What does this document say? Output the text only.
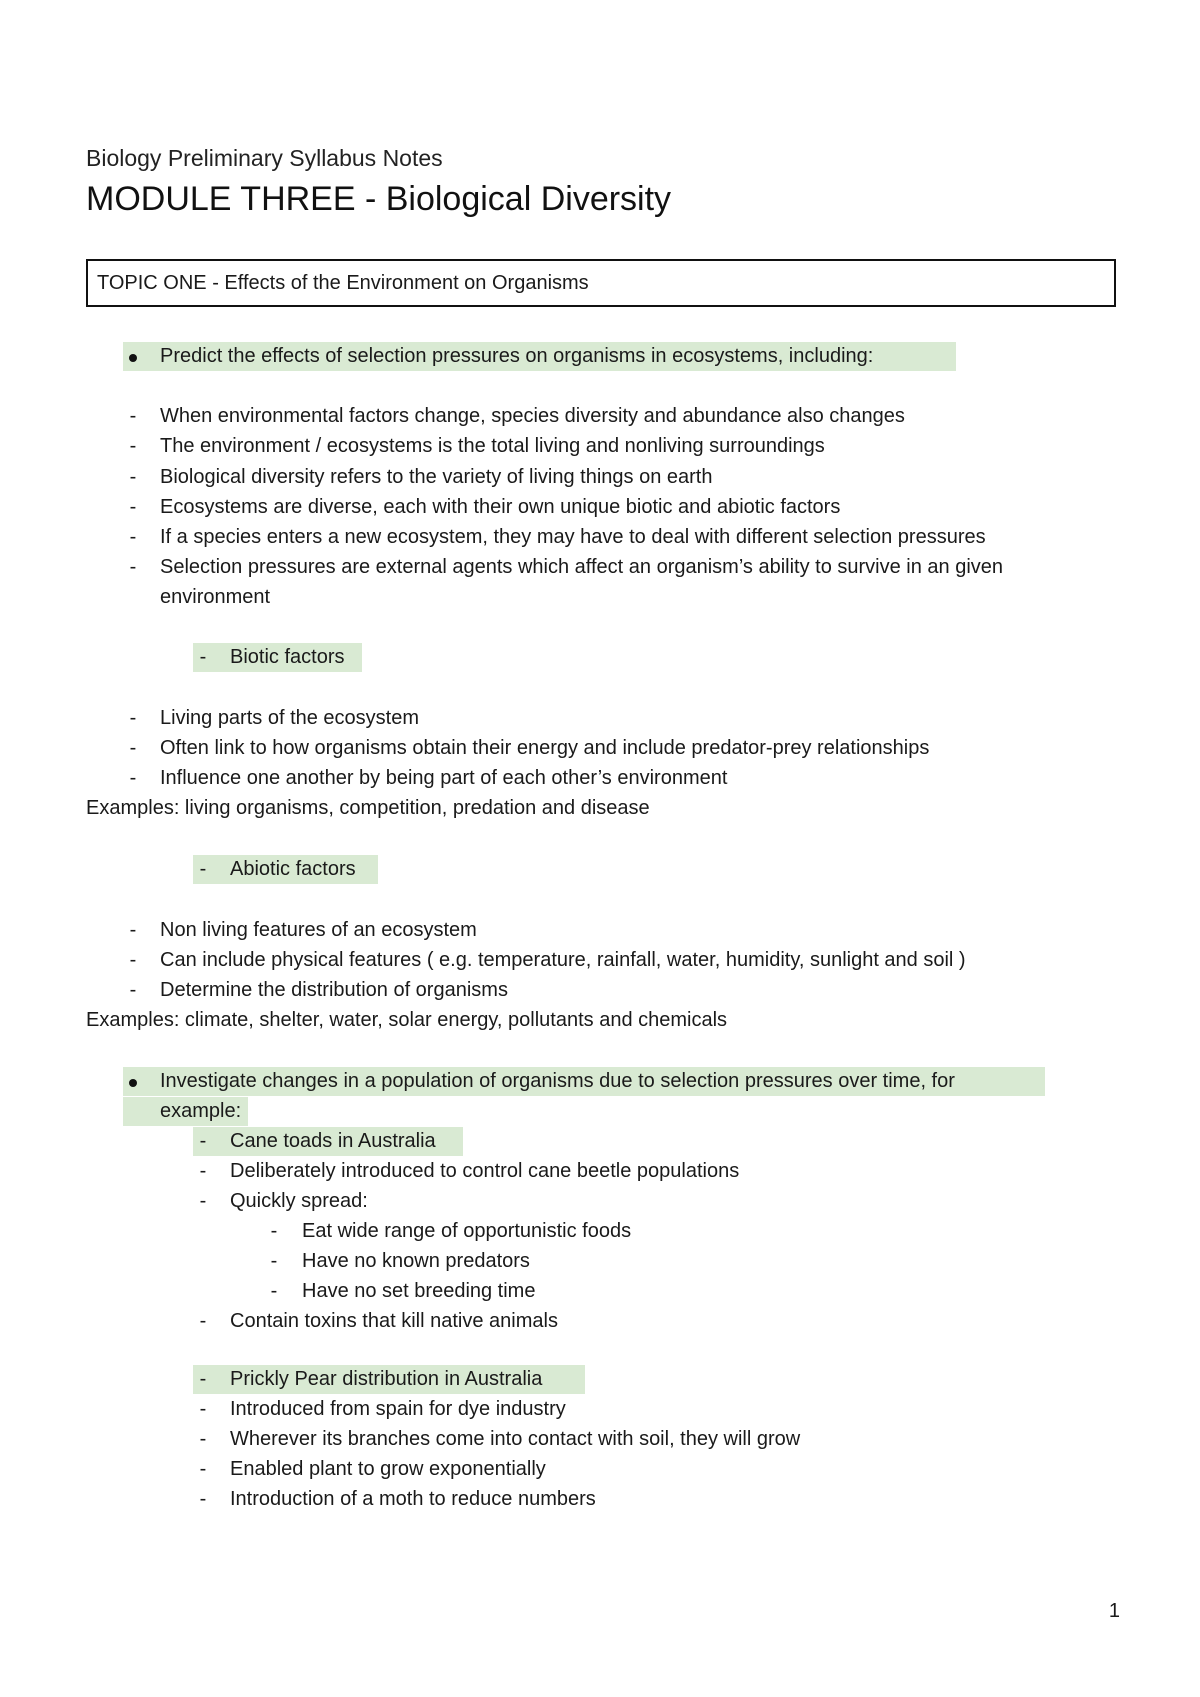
Biology Preliminary Syllabus Notes
MODULE THREE - Biological Diversity
TOPIC ONE - Effects of the Environment on Organisms
Predict the effects of selection pressures on organisms in ecosystems, including:
-	When environmental factors change, species diversity and abundance also changes
-	The environment / ecosystems is the total living and nonliving surroundings
-	Biological diversity refers to the variety of living things on earth
-	Ecosystems are diverse, each with their own unique biotic and abiotic factors
-	If a species enters a new ecosystem, they may have to deal with different selection pressures
-	Selection pressures are external agents which affect an organism’s ability to survive in an given
environment
-	Biotic factors
-	Living parts of the ecosystem
-	Often link to how organisms obtain their energy and include predator-prey relationships
-	Influence one another by being part of each other’s environment
Examples: living organisms, competition, predation and disease
-	Abiotic factors
-	Non living features of an ecosystem
-	Can include physical features ( e.g. temperature, rainfall, water, humidity, sunlight and soil )
-	Determine the distribution of organisms
Examples: climate, shelter, water, solar energy, pollutants and chemicals
Investigate changes in a population of organisms due to selection pressures over time, for
example:
-	Cane toads in Australia
-	Deliberately introduced to control cane beetle populations
-	Quickly spread:
-	Eat wide range of opportunistic foods
-	Have no known predators
-	Have no set breeding time
-	Contain toxins that kill native animals
-	Prickly Pear distribution in Australia
-	Introduced from spain for dye industry
-	Wherever its branches come into contact with soil, they will grow
-	Enabled plant to grow exponentially
-	Introduction of a moth to reduce numbers
1
